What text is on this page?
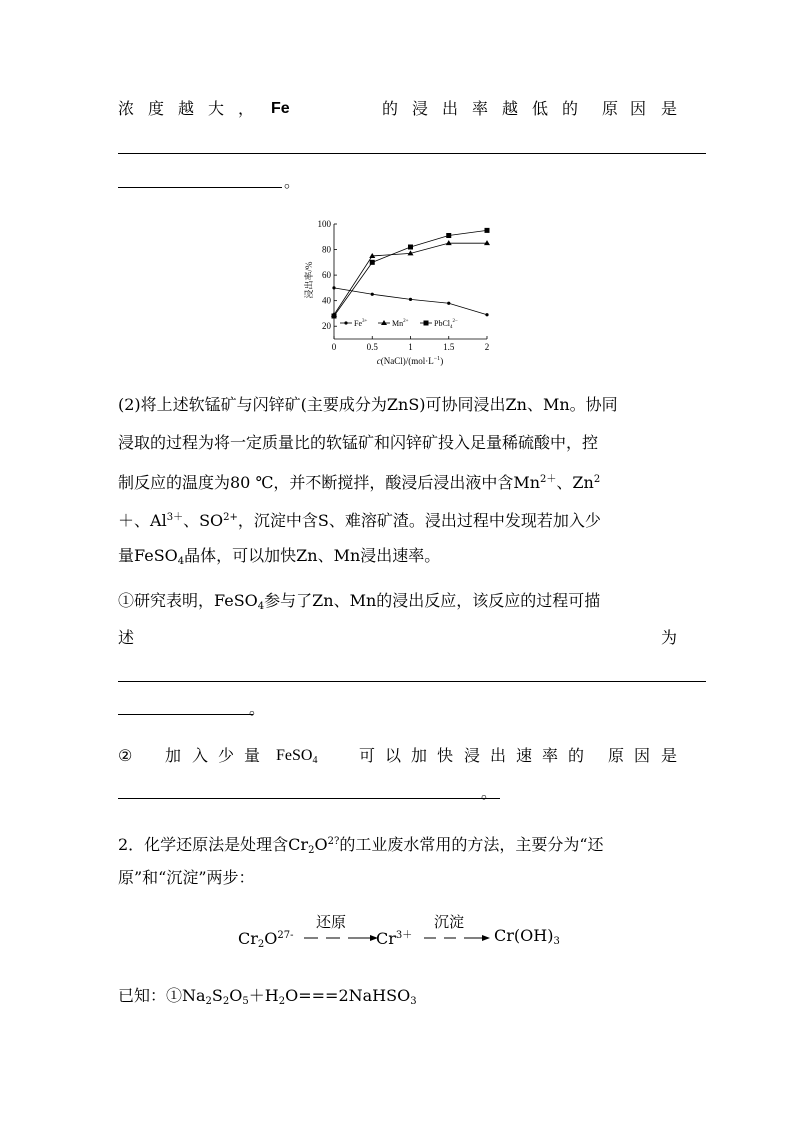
浓 度 越 大 ， Fe	的 浸 出 率 越 低 的 原 因 是
。
浸出率/%
20
40
60
80
100
0	0.5	1	1.5	2
$Fe^{3+}$	$Mn^{2+}$	PbCl$_4^{2-}$
$c(NaCl)/(mol\cdot L^{-1})$
(2)将上述软锰矿与闪锌矿(主要成分为ZnS)可协同浸出Zn、Mn。协同
浸取的过程为将一定质量比的软锰矿和闪锌矿投入足量稀硫酸中，控
制反应的温度为80 ℃，并不断搅拌，酸浸后浸出液中含$Mn^{2+}$、$Zn^2$
＋、$Al^{3+}$、$SO^{2+}$，沉淀中含S、难溶矿渣。浸出过程中发现若加入少
量FeSO$_4$晶体，可以加快Zn、Mn浸出速率。
①研究表明，FeSO$_4$参与了Zn、Mn的浸出反应，该反应的过程可描
述	为
。
② 加 入 少 量 FeSO$_4$	可 以 加 快 浸 出 速 率 的 原 因 是
。
2．化学还原法是处理含$Cr_2O^{2?}$的工业废水常用的方法，主要分为“还
原”和“沉淀”两步：
$Cr_2O^{27-}$
还原
$Cr^{3+}$
沉淀
$Cr(OH)_3$
已知：$①Na_2S_2O_5+H_2O===2NaHSO_3$
